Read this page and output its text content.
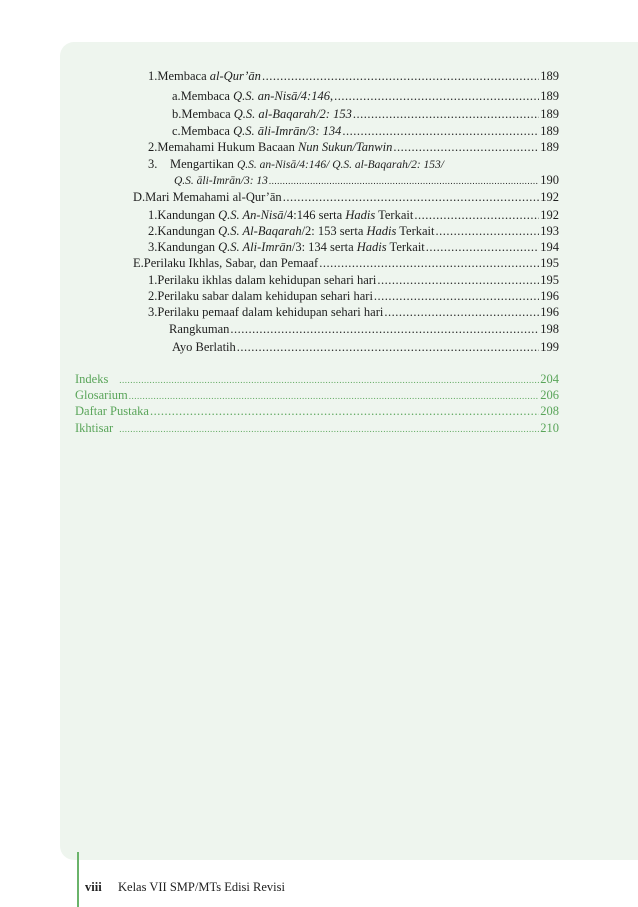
1. Membaca al-Qur’ān .....	189
a. Membaca Q.S. an-Nisā/4:146, .....	189
b. Membaca Q.S. al-Baqarah/2: 153 .....	189
c. Membaca Q.S. āli-Imrān/3: 134 .....	189
2. Memahami Hukum Bacaan Nun Sukun/Tanwin .....	189
3.	Mengartikan Q.S. an-Nisā/4:146/ Q.S. al-Baqarah/2: 153/
Q.S. āli-Imrān/3: 13 .....	190
D. Mari Memahami al-Qur’ān .....	192
1. Kandungan Q.S. An-Nisā/4:146 serta Hadis Terkait .....	192
2. Kandungan Q.S. Al-Baqarah/2: 153 serta Hadis Terkait .....	193
3. Kandungan Q.S. Ali-Imrān/3: 134 serta Hadis Terkait .....	194
E. Perilaku Ikhlas, Sabar, dan Pemaaf .....	195
1. Perilaku ikhlas dalam kehidupan sehari hari .....	195
2. Perilaku sabar dalam kehidupan sehari hari .....	196
3. Perilaku pemaaf dalam kehidupan sehari hari .....	196
Rangkuman .....	198
Ayo Berlatih .....	199
Indeks .....	204
Glosarium .....	206
Daftar Pustaka .....	208
Ikhtisar .....	210
viii Kelas VII SMP/MTs Edisi Revisi
